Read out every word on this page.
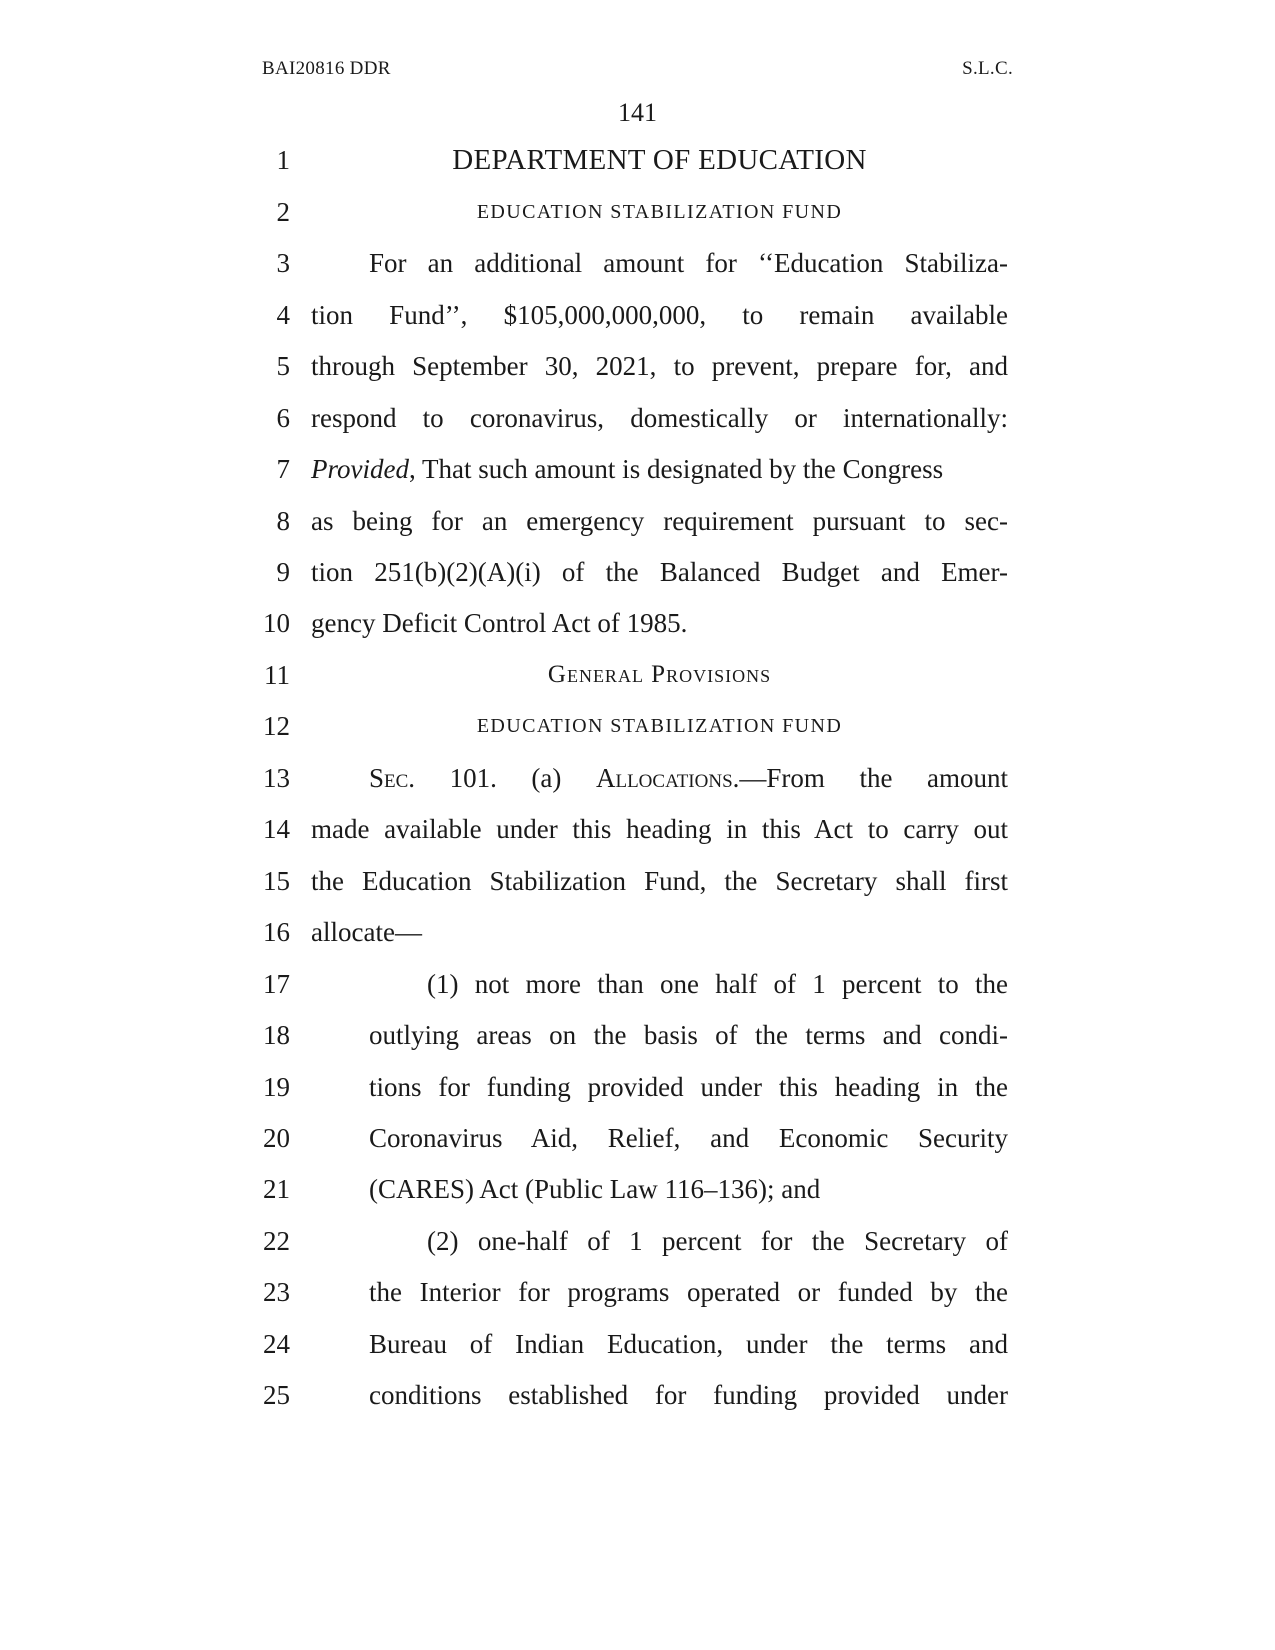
BAI20816 DDR	S.L.C.
141
1	DEPARTMENT OF EDUCATION
2	EDUCATION STABILIZATION FUND
3	For an additional amount for ‘‘Education Stabiliza-
4 tion Fund’’, $105,000,000,000, to remain available
5 through September 30, 2021, to prevent, prepare for, and
6 respond to coronavirus, domestically or internationally:
7 Provided, That such amount is designated by the Congress
8 as being for an emergency requirement pursuant to sec-
9 tion 251(b)(2)(A)(i) of the Balanced Budget and Emer-
10 gency Deficit Control Act of 1985.
11	General Provisions
12	EDUCATION STABILIZATION FUND
13	Sec. 101. (a) Allocations.—From the amount
14 made available under this heading in this Act to carry out
15 the Education Stabilization Fund, the Secretary shall first
16 allocate—
17	(1) not more than one half of 1 percent to the
18	outlying areas on the basis of the terms and condi-
19	tions for funding provided under this heading in the
20	Coronavirus Aid, Relief, and Economic Security
21	(CARES) Act (Public Law 116–136); and
22	(2) one-half of 1 percent for the Secretary of
23	the Interior for programs operated or funded by the
24	Bureau of Indian Education, under the terms and
25	conditions established for funding provided under
